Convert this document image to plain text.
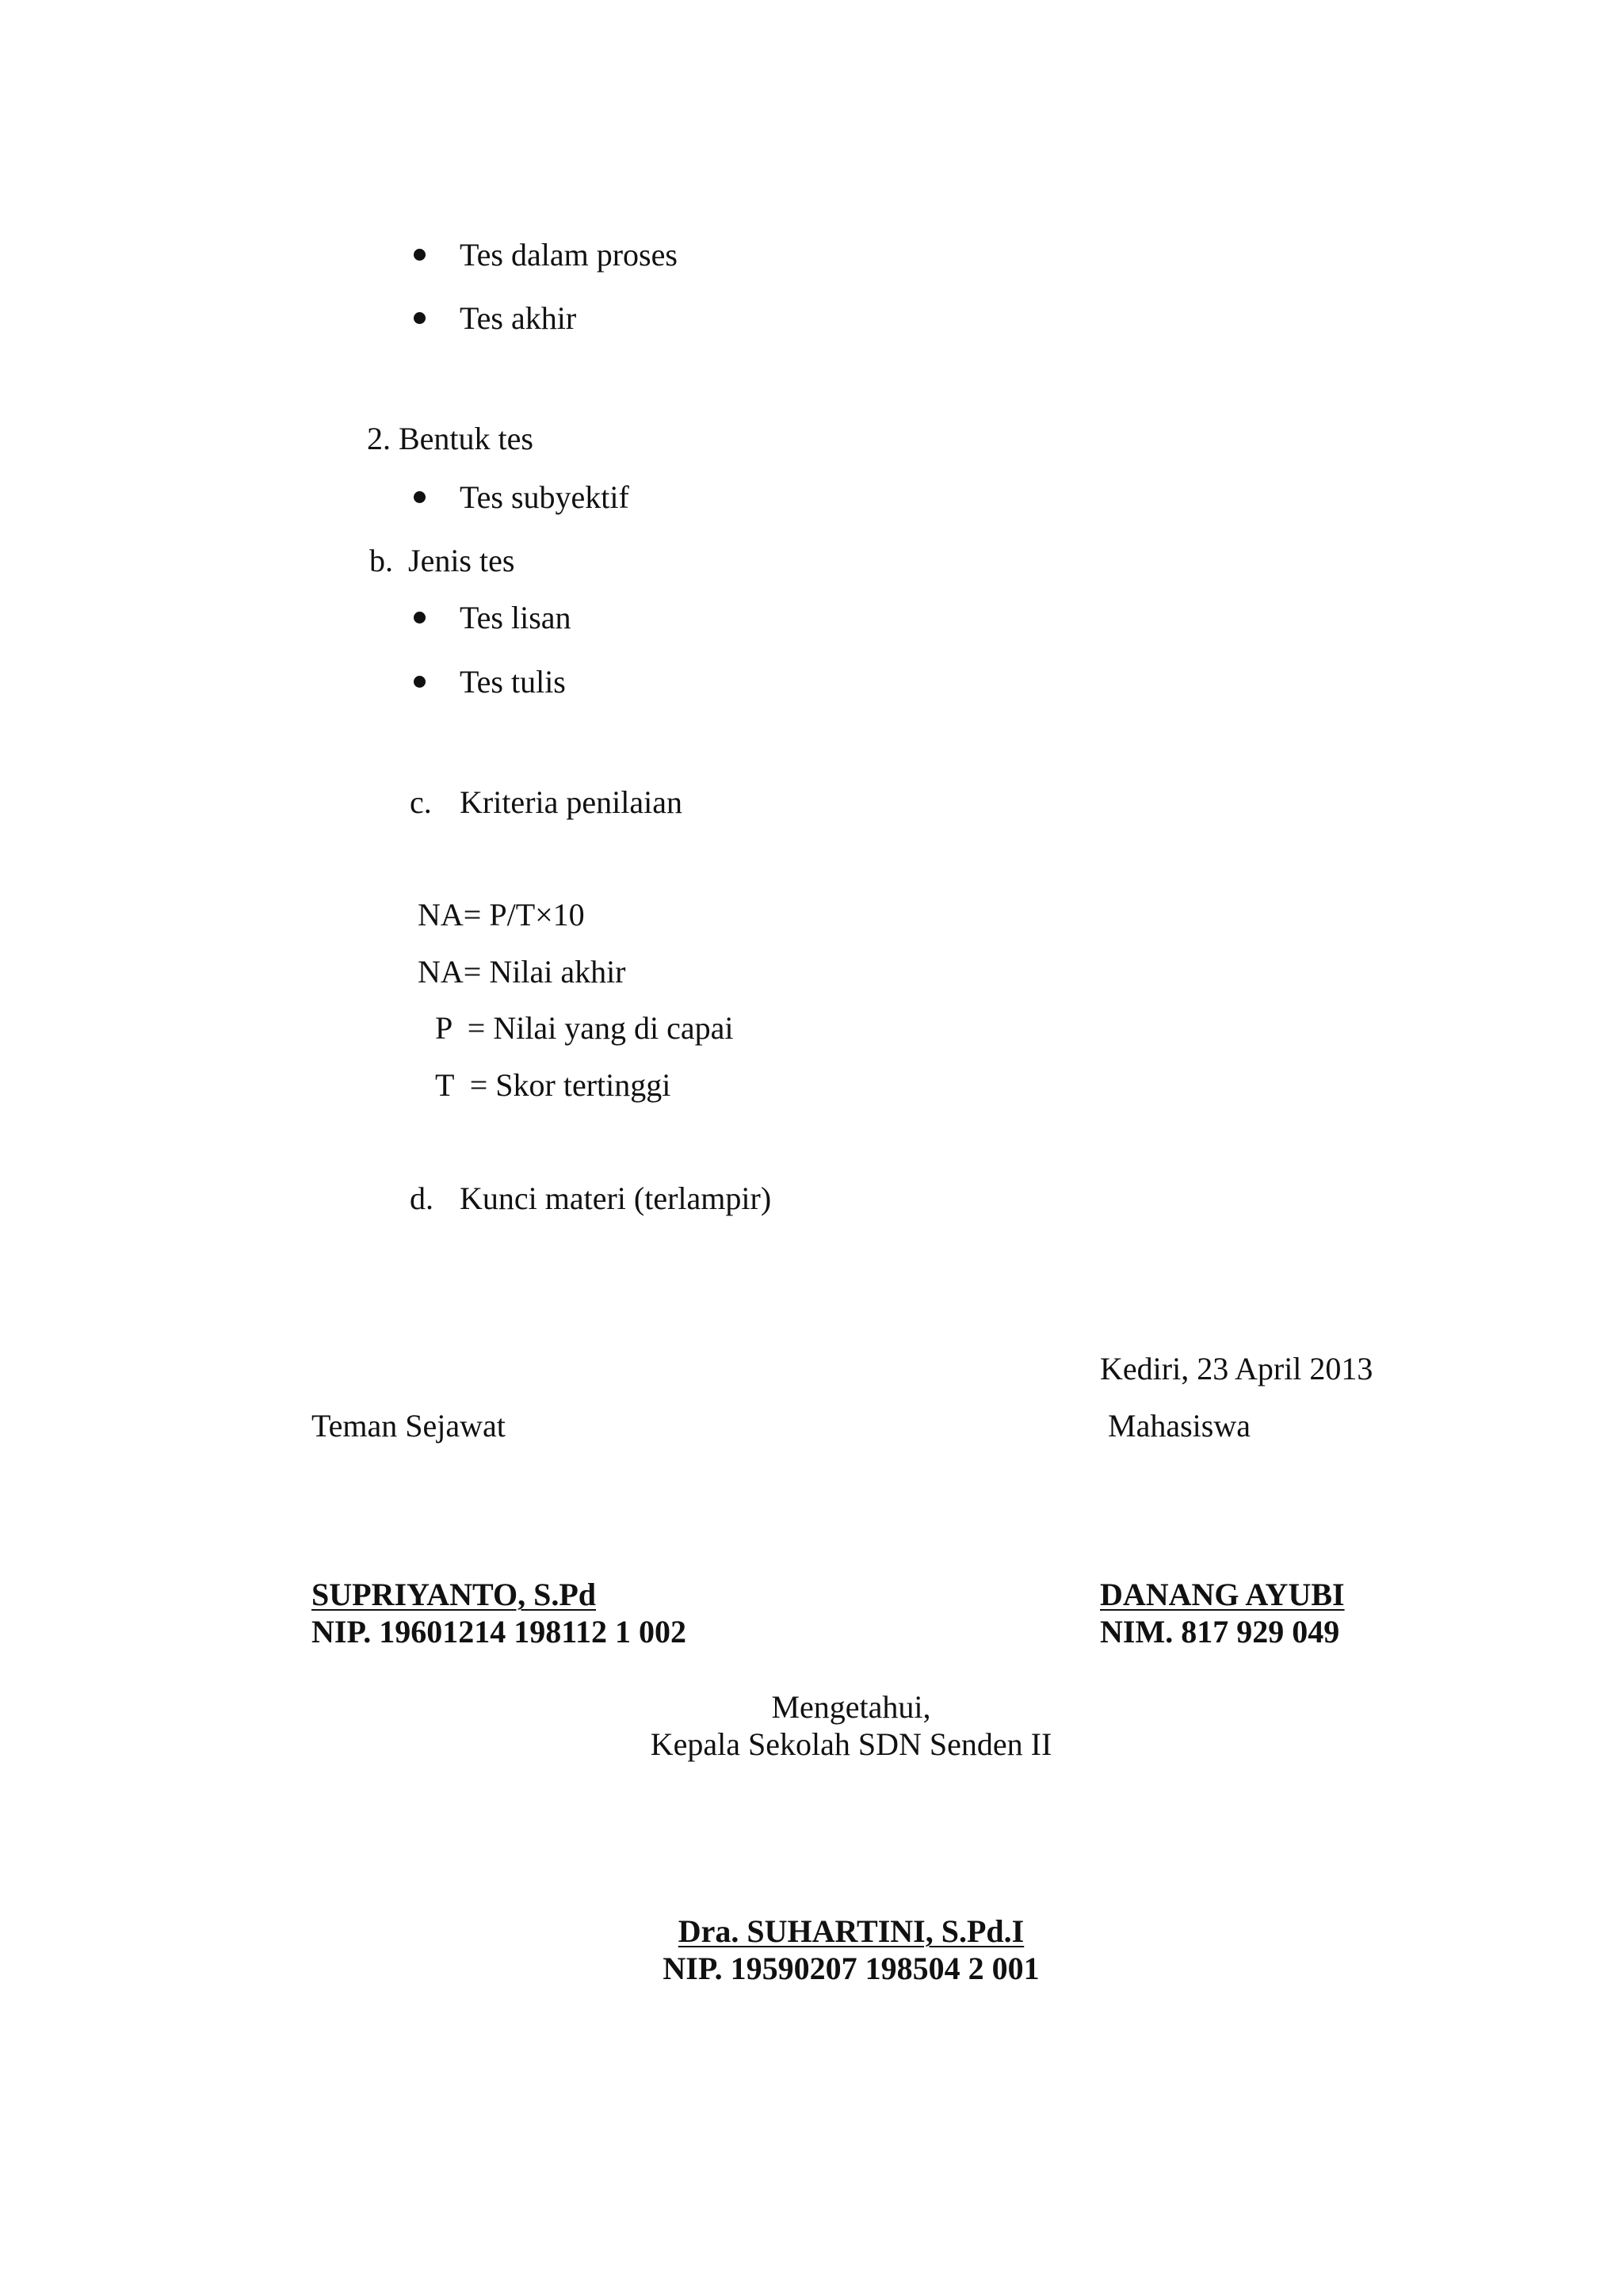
Tes dalam proses
Tes akhir
2. Bentuk tes
Tes subyektif
b. Jenis tes
Tes lisan
Tes tulis
c. Kriteria penilaian
NA= P/T×10
NA= Nilai akhir
P  = Nilai yang di capai
T  = Skor tertinggi
d. Kunci materi (terlampir)
Kediri, 23 April 2013
Teman Sejawat	Mahasiswa
SUPRIYANTO, S.Pd
NIP. 19601214 198112 1 002
DANANG AYUBI
NIM. 817 929 049
Mengetahui,
Kepala Sekolah SDN Senden II
Dra. SUHARTINI, S.Pd.I
NIP. 19590207 198504 2 001
